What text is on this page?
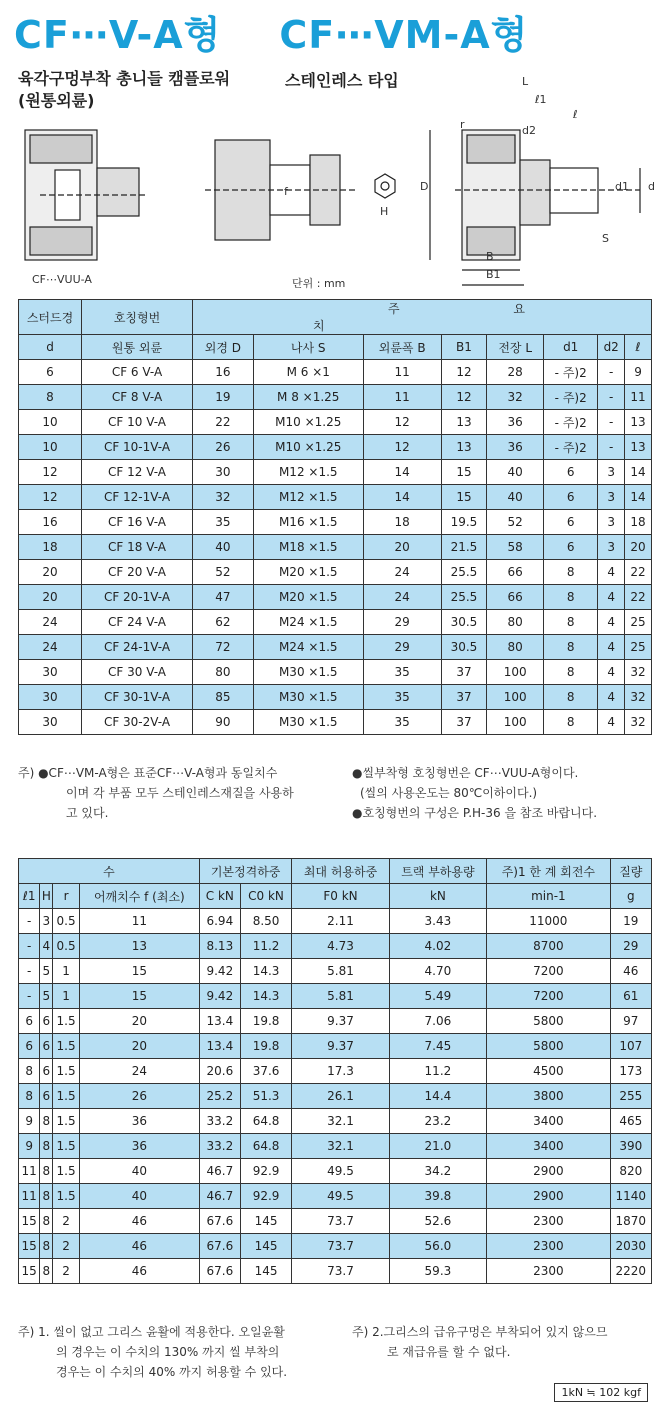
CF⋯V-A형 CF⋯VM-A형
육각구멍부착 총니들 캠플로워
(원통외륜)
스테인레스 타입
CF⋯VUU-A	단위 : mm
L
ℓ1
ℓ
d2
r
D	d
d1
S
B
B1
f
H
스터드경	호칭형번	주 요 치							
d	원통 외륜	외경 D	나사 S	외륜폭 B	B1	전장 L	d1	d2	ℓ
6	CF 6 V-A	16	M 6 ×1	11	12	28	- 주)2	-	9
8	CF 8 V-A	19	M 8 ×1.25	11	12	32	- 주)2	-	11
10	CF 10 V-A	22	M10 ×1.25	12	13	36	- 주)2	-	13
10	CF 10-1V-A	26	M10 ×1.25	12	13	36	- 주)2	-	13
12	CF 12 V-A	30	M12 ×1.5	14	15	40	6	3	14
12	CF 12-1V-A	32	M12 ×1.5	14	15	40	6	3	14
16	CF 16 V-A	35	M16 ×1.5	18	19.5	52	6	3	18
18	CF 18 V-A	40	M18 ×1.5	20	21.5	58	6	3	20
20	CF 20 V-A	52	M20 ×1.5	24	25.5	66	8	4	22
20	CF 20-1V-A	47	M20 ×1.5	24	25.5	66	8	4	22
24	CF 24 V-A	62	M24 ×1.5	29	30.5	80	8	4	25
24	CF 24-1V-A	72	M24 ×1.5	29	30.5	80	8	4	25
30	CF 30 V-A	80	M30 ×1.5	35	37	100	8	4	32
30	CF 30-1V-A	85	M30 ×1.5	35	37	100	8	4	32
30	CF 30-2V-A	90	M30 ×1.5	35	37	100	8	4	32
주) ●CF⋯VM-A형은 표준CF⋯V-A형과 동일치수
이며 각 부품 모두 스테인레스재질을 사용하
고 있다.
●씰부착형 호칭형번은 CF⋯VUU-A형이다.
(씰의 사용온도는 80℃이하이다.)
●호칭형번의 구성은 P.H-36 을 참조 바랍니다.
수				기본정격하중		최대 허용하중	트랙 부하용량	주)1 한 계 회전수	질량
ℓ1	H	r	어깨치수 f (최소)	C kN	C0 kN	F0 kN	kN	min-1	g
-	3	0.5	11	6.94	8.50	2.11	3.43	11000	19
-	4	0.5	13	8.13	11.2	4.73	4.02	8700	29
-	5	1	15	9.42	14.3	5.81	4.70	7200	46
-	5	1	15	9.42	14.3	5.81	5.49	7200	61
6	6	1.5	20	13.4	19.8	9.37	7.06	5800	97
6	6	1.5	20	13.4	19.8	9.37	7.45	5800	107
8	6	1.5	24	20.6	37.6	17.3	11.2	4500	173
8	6	1.5	26	25.2	51.3	26.1	14.4	3800	255
9	8	1.5	36	33.2	64.8	32.1	23.2	3400	465
9	8	1.5	36	33.2	64.8	32.1	21.0	3400	390
11	8	1.5	40	46.7	92.9	49.5	34.2	2900	820
11	8	1.5	40	46.7	92.9	49.5	39.8	2900	1140
15	8	2	46	67.6	145	73.7	52.6	2300	1870
15	8	2	46	67.6	145	73.7	56.0	2300	2030
15	8	2	46	67.6	145	73.7	59.3	2300	2220
주) 1. 씰이 없고 그리스 윤활에 적용한다. 오일윤활
의 경우는 이 수치의 130% 까지 씰 부착의
경우는 이 수치의 40% 까지 허용할 수 있다.
주) 2.그리스의 급유구멍은 부착되어 있지 않으므
로 재급유를 할 수 없다.
1kN ≒ 102 kgf
